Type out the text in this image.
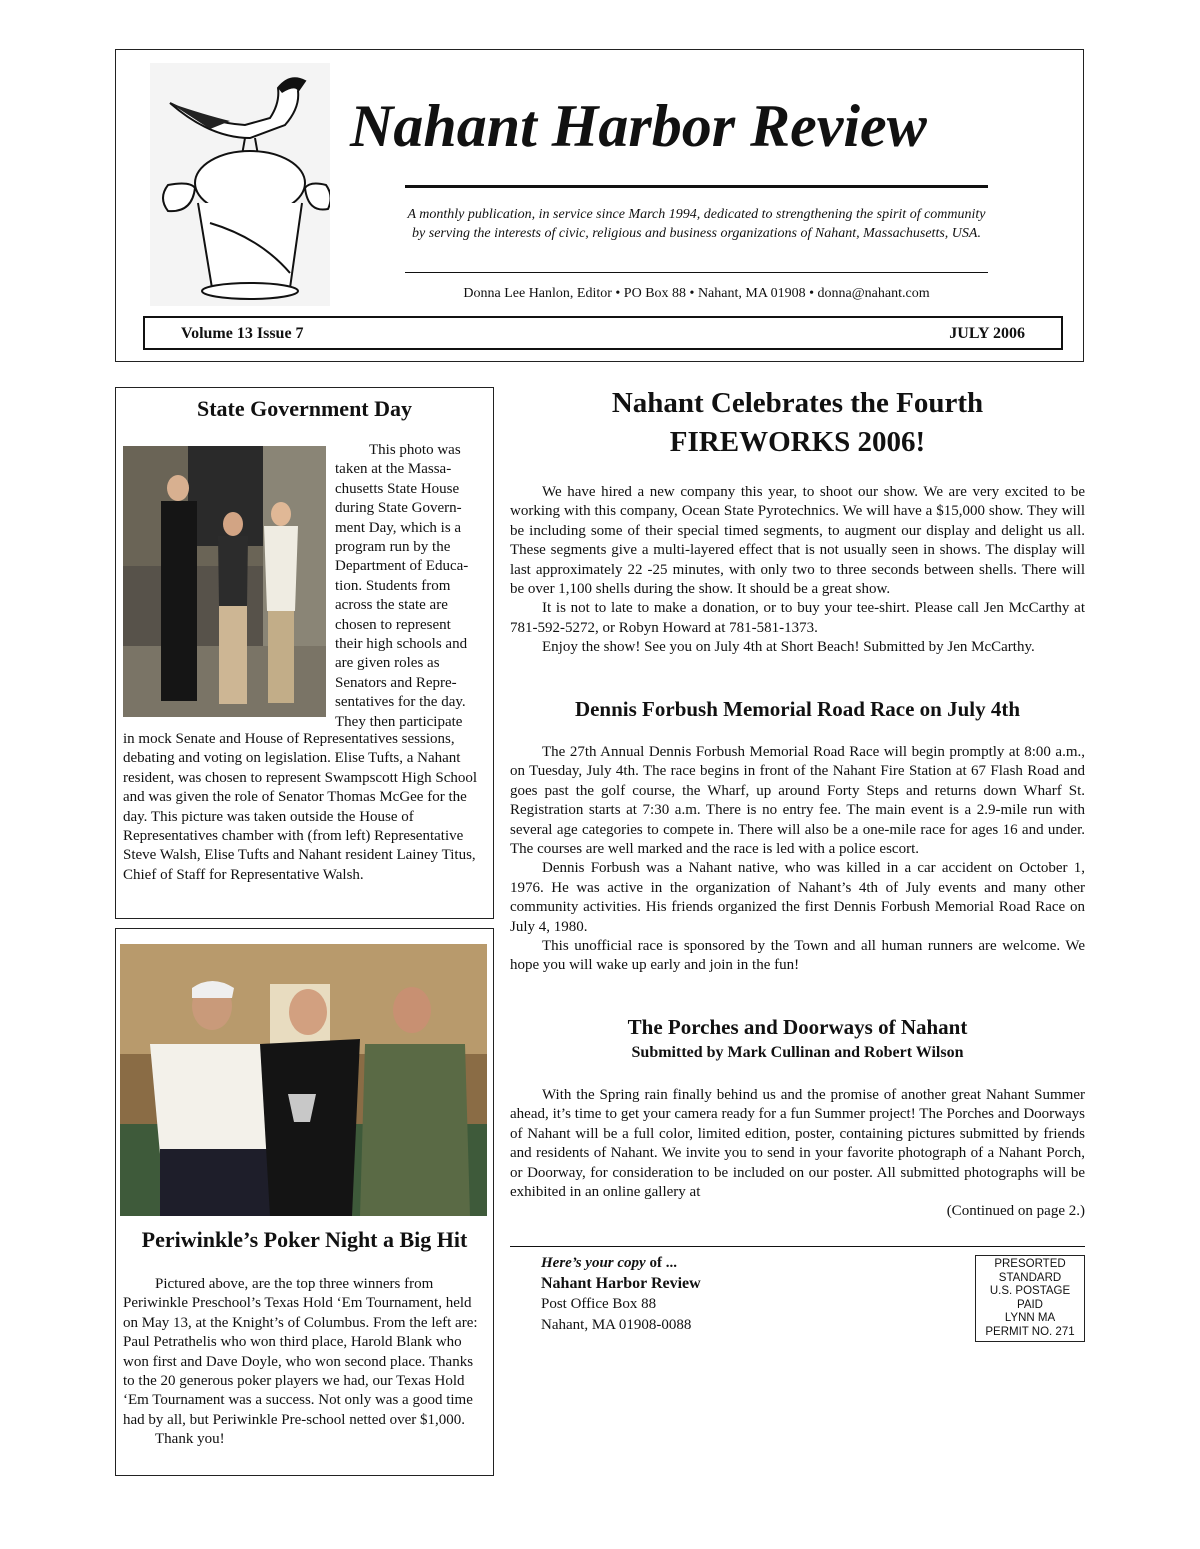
Nahant Harbor Review
A monthly publication, in service since March 1994, dedicated to strengthening the spirit of community by serving the interests of civic, religious and business organizations of Nahant, Massachusetts, USA.
Donna Lee Hanlon, Editor • PO Box 88 • Nahant, MA 01908 • donna@nahant.com
Volume 13 Issue 7	JULY 2006
State Government Day

This photo was taken at the Massa-chusetts State House during State Govern-ment Day, which is a program run by the Department of Educa-tion. Students from across the state are chosen to represent their high schools and are given roles as Senators and Repre-sentatives for the day. They then participate

in mock Senate and House of Representatives sessions, debating and voting on legislation. Elise Tufts, a Nahant resident, was chosen to represent Swampscott High School and was given the role of Senator Thomas McGee for the day. This picture was taken outside the House of Representatives chamber with (from left) Representative Steve Walsh, Elise Tufts and Nahant resident Lainey Titus, Chief of Staff for Representative Walsh.
Periwinkle’s Poker Night a Big Hit

Pictured above, are the top three winners from Periwinkle Preschool’s Texas Hold ‘Em Tournament, held on May 13, at the Knight’s of Columbus. From the left are: Paul Petrathelis who won third place, Harold Blank who won first and Dave Doyle, who won second place. Thanks to the 20 generous poker players we had, our Texas Hold ‘Em Tournament was a success. Not only was a good time had by all, but Periwinkle Pre-school netted over $1,000.

Thank you!

Nahant Celebrates the Fourth
FIREWORKS 2006!

We have hired a new company this year, to shoot our show. We are very excited to be working with this company, Ocean State Pyrotechnics. We will have a $15,000 show. They will be including some of their special timed segments, to augment our display and delight us all. These segments give a multi-layered effect that is not usually seen in shows. The display will last approximately 22 -25 minutes, with only two to three seconds between shells. There will be over 1,100 shells during the show. It should be a great show.

It is not to late to make a donation, or to buy your tee-shirt. Please call Jen McCarthy at 781-592-5272, or Robyn Howard at 781-581-1373.

Enjoy the show! See you on July 4th at Short Beach! Submitted by Jen McCarthy.

Dennis Forbush Memorial Road Race on July 4th

The 27th Annual Dennis Forbush Memorial Road Race will begin promptly at 8:00 a.m., on Tuesday, July 4th. The race begins in front of the Nahant Fire Station at 67 Flash Road and goes past the golf course, the Wharf, up around Forty Steps and returns down Wharf St. Registration starts at 7:30 a.m. There is no entry fee. The main event is a 2.9-mile run with several age categories to compete in. There will also be a one-mile race for ages 16 and under. The courses are well marked and the race is led with a police escort.

Dennis Forbush was a Nahant native, who was killed in a car accident on October 1, 1976. He was active in the organization of Nahant’s 4th of July events and many other community activities. His friends organized the first Dennis Forbush Memorial Road Race on July 4, 1980.

This unofficial race is sponsored by the Town and all human runners are welcome. We hope you will wake up early and join in the fun!

The Porches and Doorways of Nahant
Submitted by Mark Cullinan and Robert Wilson

With the Spring rain finally behind us and the promise of another great Nahant Summer ahead, it’s time to get your camera ready for a fun Summer project! The Porches and Doorways of Nahant will be a full color, limited edition, poster, containing pictures submitted by friends and residents of Nahant. We invite you to send in your favorite photograph of a Nahant Porch, or Doorway, for consideration to be included on our poster. All submitted photographs will be exhibited in an online gallery at

(Continued on page 2.)

Here’s your copy of ...
Nahant Harbor Review
Post Office Box 88
Nahant, MA 01908-0088
PRESORTED
STANDARD
U.S. POSTAGE
PAID
LYNN MA
PERMIT NO. 271
